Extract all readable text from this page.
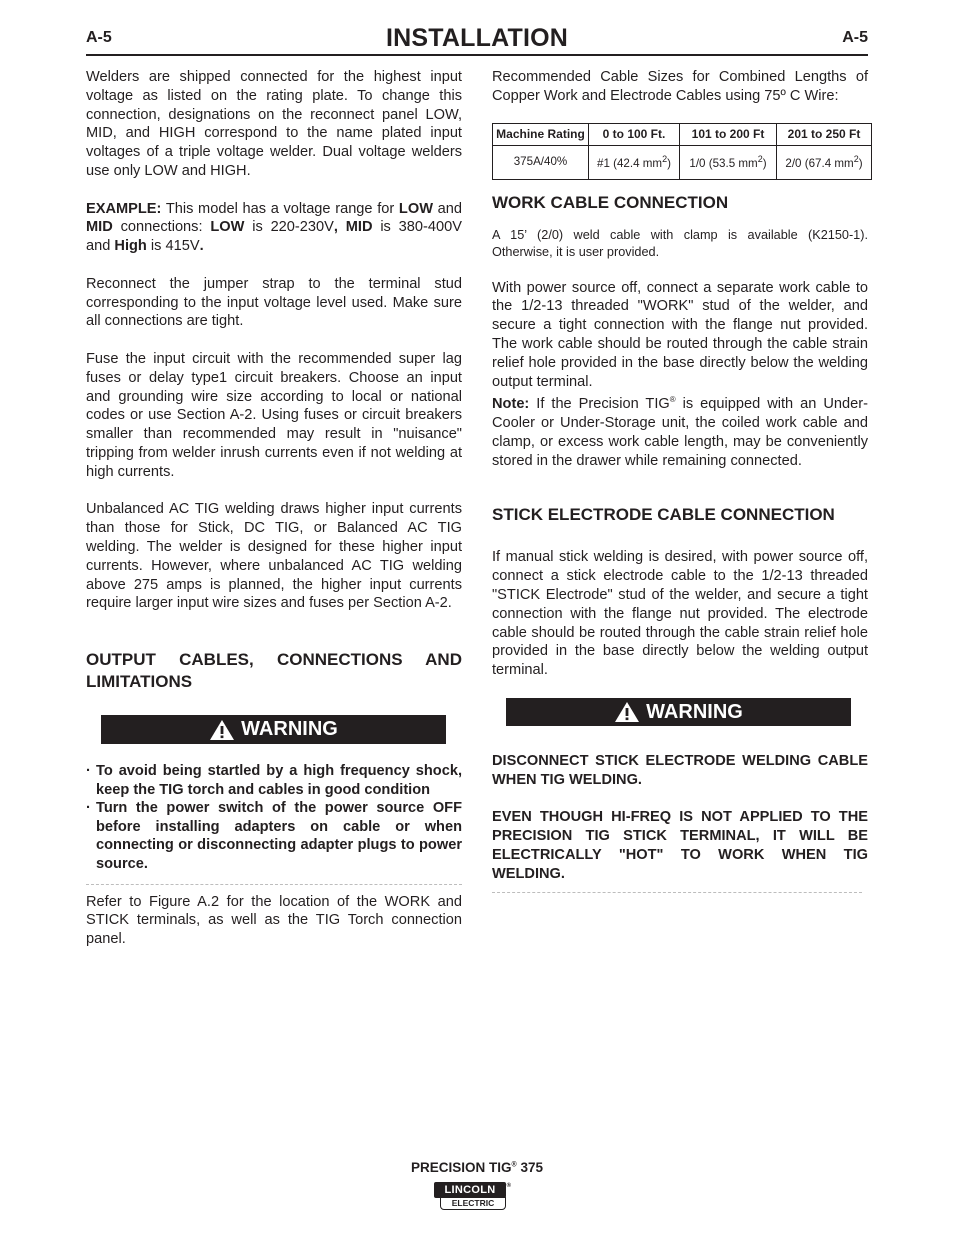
A-5	INSTALLATION	A-5

Welders are shipped connected for the highest input voltage as listed on the rating plate. To change this connection, designations on the reconnect panel LOW, MID, and HIGH correspond to the name plated input voltages of a triple voltage welder. Dual voltage welders use only LOW and HIGH.

EXAMPLE: This model has a voltage range for LOW and MID connections: LOW is 220-230V, MID is 380-400V and High is 415V.

Reconnect the jumper strap to the terminal stud corresponding to the input voltage level used. Make sure all connections are tight.

Fuse the input circuit with the recommended super lag fuses or delay type1 circuit breakers. Choose an input and grounding wire size according to local or national codes or use Section A-2. Using fuses or circuit breakers smaller than recommended may result in "nuisance" tripping from welder inrush currents even if not welding at high currents.

Unbalanced AC TIG welding draws higher input currents than those for Stick, DC TIG, or Balanced AC TIG welding. The welder is designed for these higher input currents. However, where unbalanced AC TIG welding above 275 amps is planned, the higher input currents require larger input wire sizes and fuses per Section A-2.

OUTPUT CABLES, CONNECTIONS AND LIMITATIONS
WARNING
· To avoid being startled by a high frequency shock, keep the TIG torch and cables in good condition
· Turn the power switch of the power source OFF before installing adapters on cable or when connecting or disconnecting adapter plugs to power source.

Refer to Figure A.2 for the location of the WORK and STICK terminals, as well as the TIG Torch connection panel.

Recommended Cable Sizes for Combined Lengths of Copper Work and Electrode Cables using 75º C Wire:

Machine Rating	0 to 100 Ft.	101 to 200 Ft	201 to 250 Ft
375A/40%	#1 (42.4 $mm^2$)	1/0 (53.5 $mm^2$)	2/0 (67.4 $mm^2$)
WORK CABLE CONNECTION

A 15’ (2/0) weld cable with clamp is available (K2150-1). Otherwise, it is user provided.

With power source off, connect a separate work cable to the 1/2-13 threaded "WORK" stud of the welder, and secure a tight connection with the flange nut provided. The work cable should be routed through the cable strain relief hole provided in the base directly below the welding output terminal.

Note: If the Precision TIG® is equipped with an Under-Cooler or Under-Storage unit, the coiled work cable and clamp, or excess work cable length, may be conveniently stored in the drawer while remaining connected.

STICK ELECTRODE CABLE CONNECTION

If manual stick welding is desired, with power source off, connect a stick electrode cable to the 1/2-13 threaded "STICK Electrode" stud of the welder, and secure a tight connection with the flange nut provided. The electrode cable should be routed through the cable strain relief hole provided in the base directly below the welding output terminal.

WARNING

DISCONNECT STICK ELECTRODE WELDING CABLE WHEN TIG WELDING.

EVEN THOUGH HI-FREQ IS NOT APPLIED TO THE PRECISION TIG STICK TERMINAL, IT WILL BE ELECTRICALLY "HOT" TO WORK WHEN TIG WELDING.

PRECISION TIG® 375
LINCOLN
ELECTRIC
®
